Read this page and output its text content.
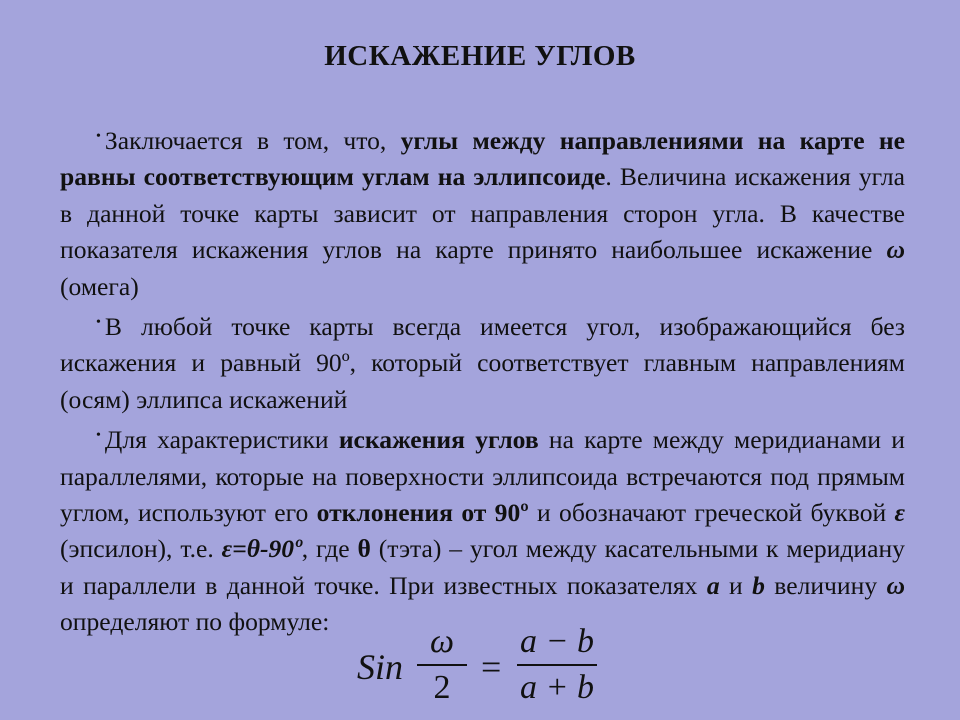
ИСКАЖЕНИЕ УГЛОВ

• Заключается в том, что, углы между направлениями на карте не равны соответствующим углам на эллипсоиде. Величина искажения угла в данной точке карты зависит от направления сторон угла. В качестве показателя искажения углов на карте принято наибольшее искажение ω (омега)

• В любой точке карты всегда имеется угол, изображающийся без искажения и равный 90º, который соответствует главным направлениям (осям) эллипса искажений

• Для характеристики искажения углов на карте между меридианами и параллелями, которые на поверхности эллипсоида встречаются под прямым углом, используют его отклонения от 90º и обозначают греческой буквой ε (эпсилон), т.е. ε=θ-90º, где θ (тэта) – угол между касательными к меридиану и параллели в данной точке. При известных показателях a и b величину ω определяют по формуле:

Sin
ω
2
=
a − b
a + b
